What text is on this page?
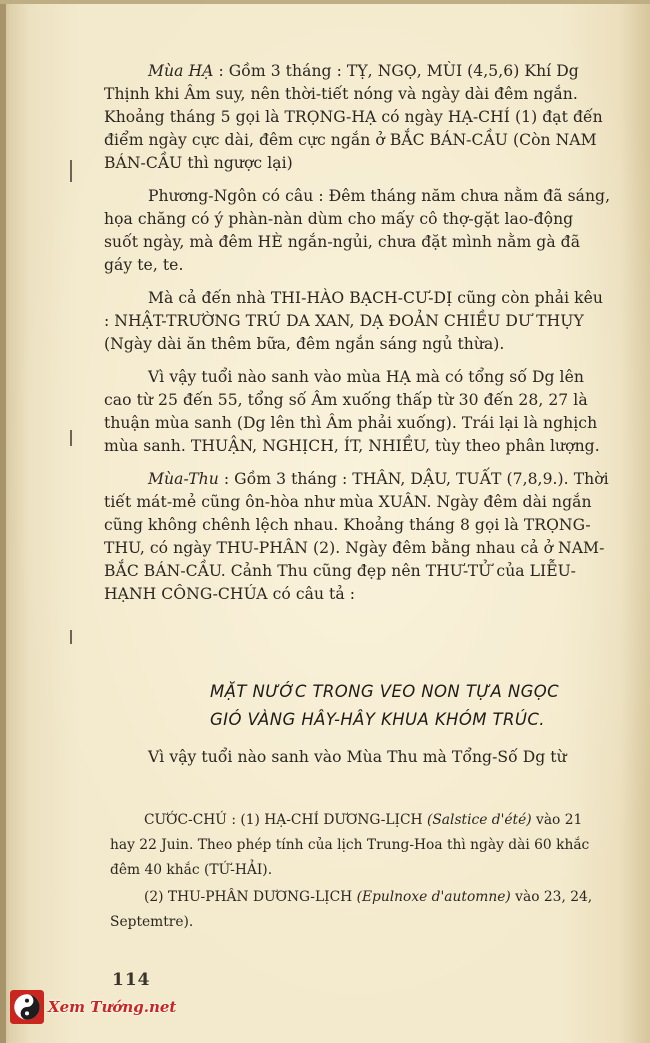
Mùa HẠ : Gồm 3 tháng : TỴ, NGỌ, MÙI (4,5,6) Khí Dg Thịnh khi Âm suy, nên thời-tiết nóng và ngày dài đêm ngắn. Khoảng tháng 5 gọi là TRỌNG-HẠ có ngày HẠ-CHÍ (1) đạt đến điểm ngày cực dài, đêm cực ngắn ở BẮC BÁN-CẦU (Còn NAM BÁN-CẦU thì ngược lại)

Phương-Ngôn có câu : Đêm tháng năm chưa nằm đã sáng, họa chăng có ý phàn-nàn dùm cho mấy cô thợ-gặt lao-động suốt ngày, mà đêm HÈ ngắn-ngủi, chưa đặt mình nằm gà đã gáy te, te.

Mà cả đến nhà THI-HÀO BẠCH-CƯ-DỊ cũng còn phải kêu : NHẬT-TRƯỜNG TRÚ DA XAN, DẠ ĐOẢN CHIỀU DƯ THỤY (Ngày dài ăn thêm bữa, đêm ngắn sáng ngủ thừa).

Vì vậy tuổi nào sanh vào mùa HẠ mà có tổng số Dg lên cao từ 25 đến 55, tổng số Âm xuống thấp từ 30 đến 28, 27 là thuận mùa sanh (Dg lên thì Âm phải xuống). Trái lại là nghịch mùa sanh. THUẬN, NGHỊCH, ÍT, NHIỀU, tùy theo phân lượng.

Mùa-Thu : Gồm 3 tháng : THÂN, DẬU, TUẤT (7,8,9.). Thời tiết mát-mẻ cũng ôn-hòa như mùa XUÂN. Ngày đêm dài ngắn cũng không chênh lệch nhau. Khoảng tháng 8 gọi là TRỌNG-THU, có ngày THU-PHÂN (2). Ngày đêm bằng nhau cả ở NAM-BẮC BÁN-CẦU. Cảnh Thu cũng đẹp nên THƯ-TỬ của LIỄU-HẠNH CÔNG-CHÚA có câu tả :

MẶT NƯỚC TRONG VEO NON TỰA NGỌC
GIÓ VÀNG HÂY-HÂY KHUA KHÓM TRÚC.

Vì vậy tuổi nào sanh vào Mùa Thu mà Tổng-Số Dg từ

CƯỚC-CHÚ : (1) HẠ-CHÍ DƯƠNG-LỊCH (Salstice d'été) vào 21 hay 22 Juin. Theo phép tính của lịch Trung-Hoa thì ngày dài 60 khắc đêm 40 khắc (TỨ-HẢI).

(2) THU-PHÂN DƯƠNG-LỊCH (Epulnoxe d'automne) vào 23, 24, Septemtre).

114
Xem Tướng.net
